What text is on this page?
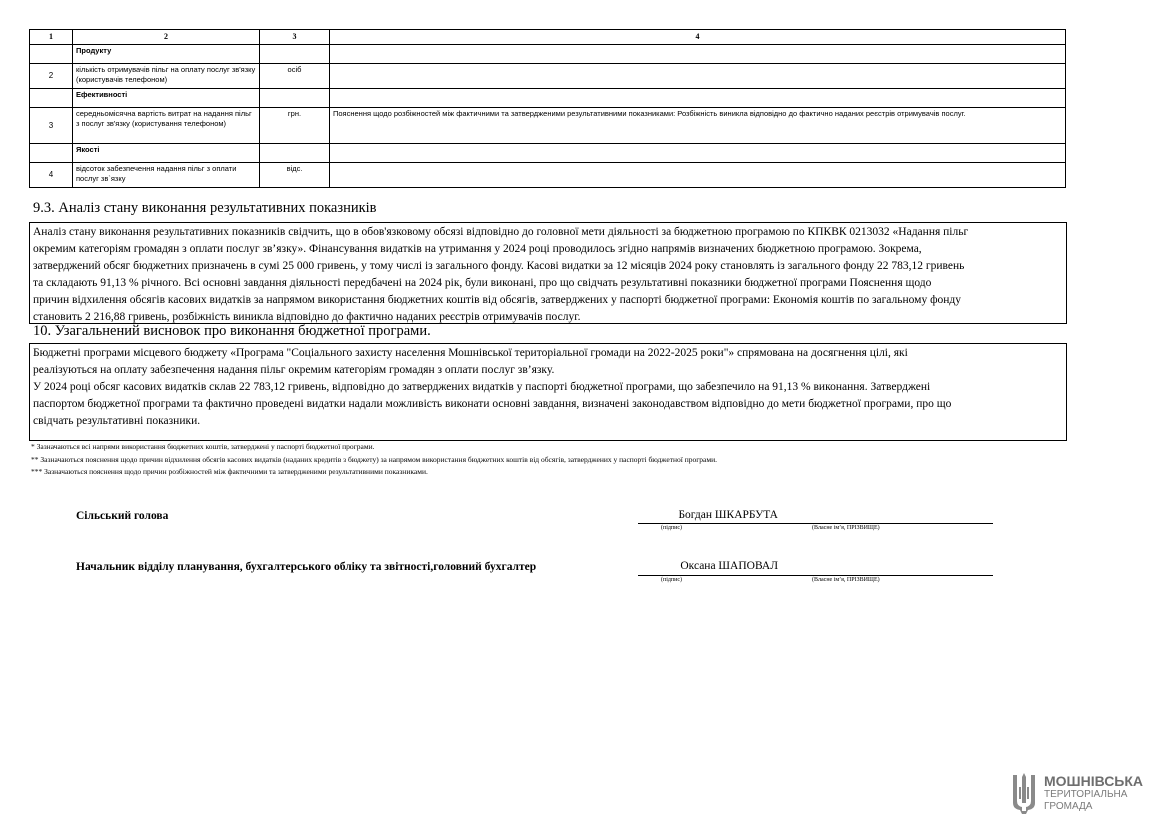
1	2	3	4
	Продукту		
2	кількість отримувачів пільг на оплату послуг зв'язку (користувачів телефоном)	осіб	
	Ефективності		
3	середньомісячна вартість витрат на надання пільг з послуг зв'язку (користування телефоном)	грн.	Пояснення щодо розбіжностей між фактичними та затвердженими результативними показниками: Розбіжність виникла відповідно до фактично наданих реєстрів отримувачів послуг.
	Якості		
4	відсоток забезпечення надання пільг з оплати послуг зв`язку	відс.	
9.3. Аналіз стану виконання результативних показників
Аналіз стану виконання результативних показників свідчить, що в обов'язковому обсязі відповідно до головної мети діяльності за бюджетною програмою по КПКВК 0213032 «Надання пільг
окремим категоріям громадян з оплати послуг зв’язку». Фінансування видатків на утримання у 2024 році проводилось згідно напрямів визначених бюджетною програмою. Зокрема,
затверджений обсяг бюджетних призначень в сумі 25 000 гривень, у тому числі із загального фонду. Касові видатки за 12 місяців 2024 року становлять із загального фонду 22 783,12 гривень
та складають 91,13 % річного. Всі основні завдання діяльності передбачені на 2024 рік, були виконані, про що свідчать результативні показники бюджетної програми Пояснення щодо
причин відхилення обсягів касових видатків за напрямом використання бюджетних коштів від обсягів, затверджених у паспорті бюджетної програми: Економія коштів по загальному фонду
становить 2 216,88 гривень, розбіжність виникла відповідно до фактично наданих реєстрів отримувачів послуг.
10. Узагальнений висновок про виконання бюджетної програми.
Бюджетні програми місцевого бюджету «Програма "Соціального захисту населення Мошнівської територіальної громади на 2022-2025 роки"» спрямована на досягнення цілі, які
реалізуються на оплату забезпечення надання пільг окремим категоріям громадян з оплати послуг зв’язку.
У 2024 році обсяг касових видатків склав 22 783,12 гривень, відповідно до затверджених видатків у паспорті бюджетної програми, що забезпечило на 91,13 % виконання. Затверджені
паспортом бюджетної програми та фактично проведені видатки надали можливість виконати основні завдання, визначені законодавством відповідно до мети бюджетної програми, про що
свідчать результативні показники.
* Зазначаються всі напрями використання бюджетних коштів, затверджені у паспорті бюджетної програми.
** Зазначаються пояснення щодо причин відхилення обсягів касових видатків (наданих кредитів з бюджету) за напрямом використання бюджетних коштів від обсягів, затверджених у паспорті бюджетної програми.
*** Зазначаються пояснення щодо причин розбіжностей між фактичними та затвердженими результативними показниками.
Сільський голова	Богдан ШКАРБУТА
(підпис)	(Власне ім’я, ПРІЗВИЩЕ)
Начальник відділу планування, бухгалтерського обліку та звітності,головний бухгалтер	Оксана ШАПОВАЛ
(підпис)	(Власне ім’я, ПРІЗВИЩЕ)
МОШНІВСЬКА
ТЕРИТОРІАЛЬНА
ГРОМАДА
